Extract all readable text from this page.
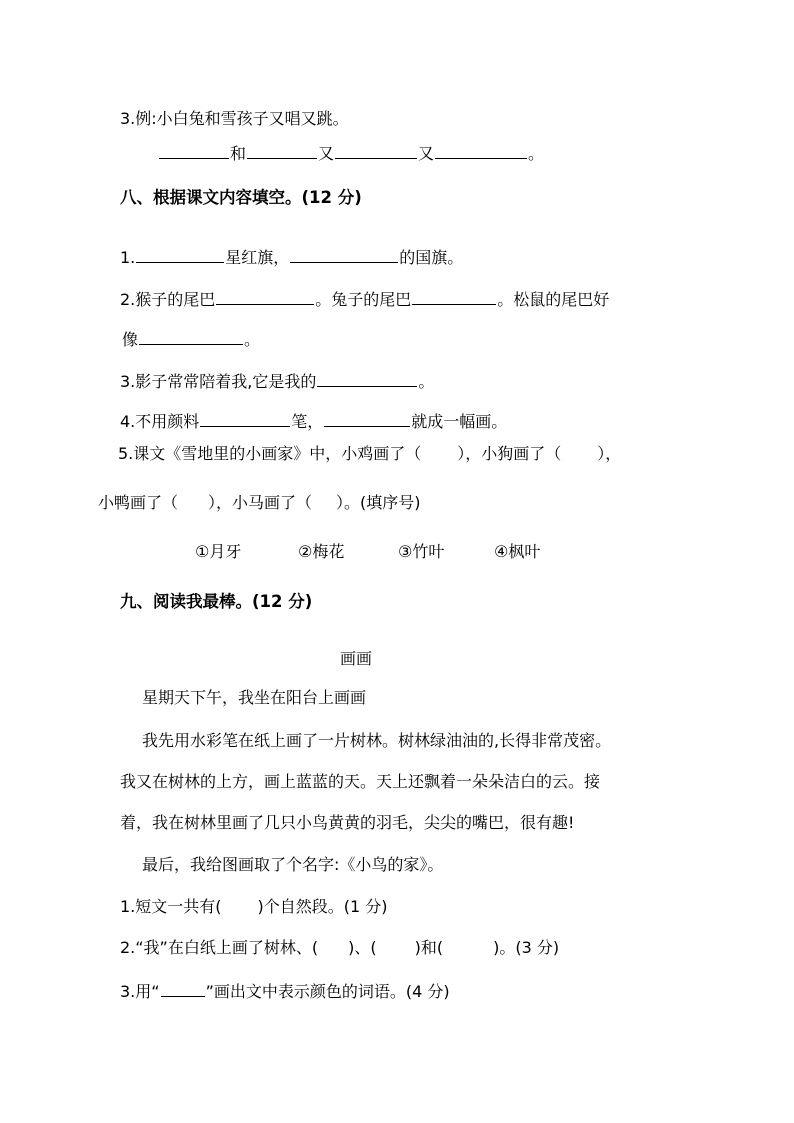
3.例:小白兔和雪孩子又唱又跳。
和	又	又	。
八、根据课文内容填空。(12 分)
1.	星红旗，	的国旗。
2.猴子的尾巴	。兔子的尾巴	。松鼠的尾巴好
像	。
3.影子常常陪着我,它是我的	。
4.不用颜料	笔，	就成一幅画。
5.课文《雪地里的小画家》中，小鸡画了（ ），小狗画了（ ），
小鸭画了（ ），小马画了（ ）。(填序号)
①月牙	②梅花	③竹叶	④枫叶
九、阅读我最棒。(12 分)
画画
星期天下午，我坐在阳台上画画
我先用水彩笔在纸上画了一片树林。树林绿油油的,长得非常茂密。
我又在树林的上方，画上蓝蓝的天。天上还飘着一朵朵洁白的云。接
着，我在树林里画了几只小鸟黄黄的羽毛，尖尖的嘴巴，很有趣!
最后，我给图画取了个名字:《小鸟的家》。
1.短文一共有( )个自然段。(1 分)
2.“我”在白纸上画了树林、( )、( )和(	)。(3 分)
3.用“	”画出文中表示颜色的词语。(4 分)
